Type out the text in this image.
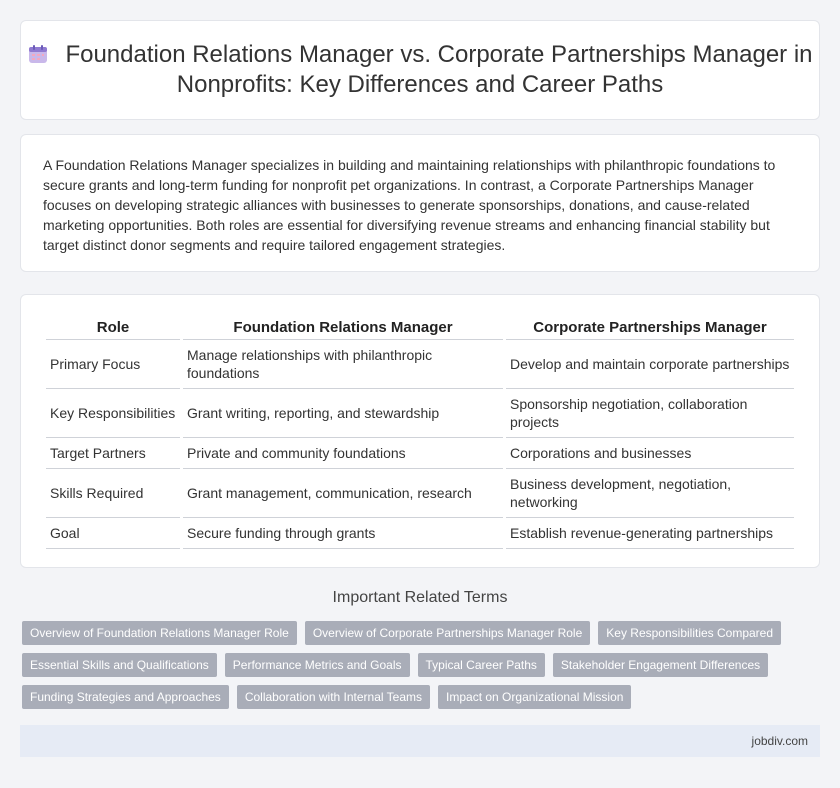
Foundation Relations Manager vs. Corporate Partnerships Manager in Nonprofits: Key Differences and Career Paths

A Foundation Relations Manager specializes in building and maintaining relationships with philanthropic foundations to secure grants and long-term funding for nonprofit pet organizations. In contrast, a Corporate Partnerships Manager focuses on developing strategic alliances with businesses to generate sponsorships, donations, and cause-related marketing opportunities. Both roles are essential for diversifying revenue streams and enhancing financial stability but target distinct donor segments and require tailored engagement strategies.

Role	Foundation Relations Manager	Corporate Partnerships Manager
Primary Focus	Manage relationships with philanthropic foundations	Develop and maintain corporate partnerships
Key Responsibilities	Grant writing, reporting, and stewardship	Sponsorship negotiation, collaboration projects
Target Partners	Private and community foundations	Corporations and businesses
Skills Required	Grant management, communication, research	Business development, negotiation, networking
Goal	Secure funding through grants	Establish revenue-generating partnerships
Important Related Terms
Overview of Foundation Relations Manager Role	Overview of Corporate Partnerships Manager Role	Key Responsibilities Compared
Essential Skills and Qualifications	Performance Metrics and Goals	Typical Career Paths	Stakeholder Engagement Differences
Funding Strategies and Approaches	Collaboration with Internal Teams	Impact on Organizational Mission
jobdiv.com
